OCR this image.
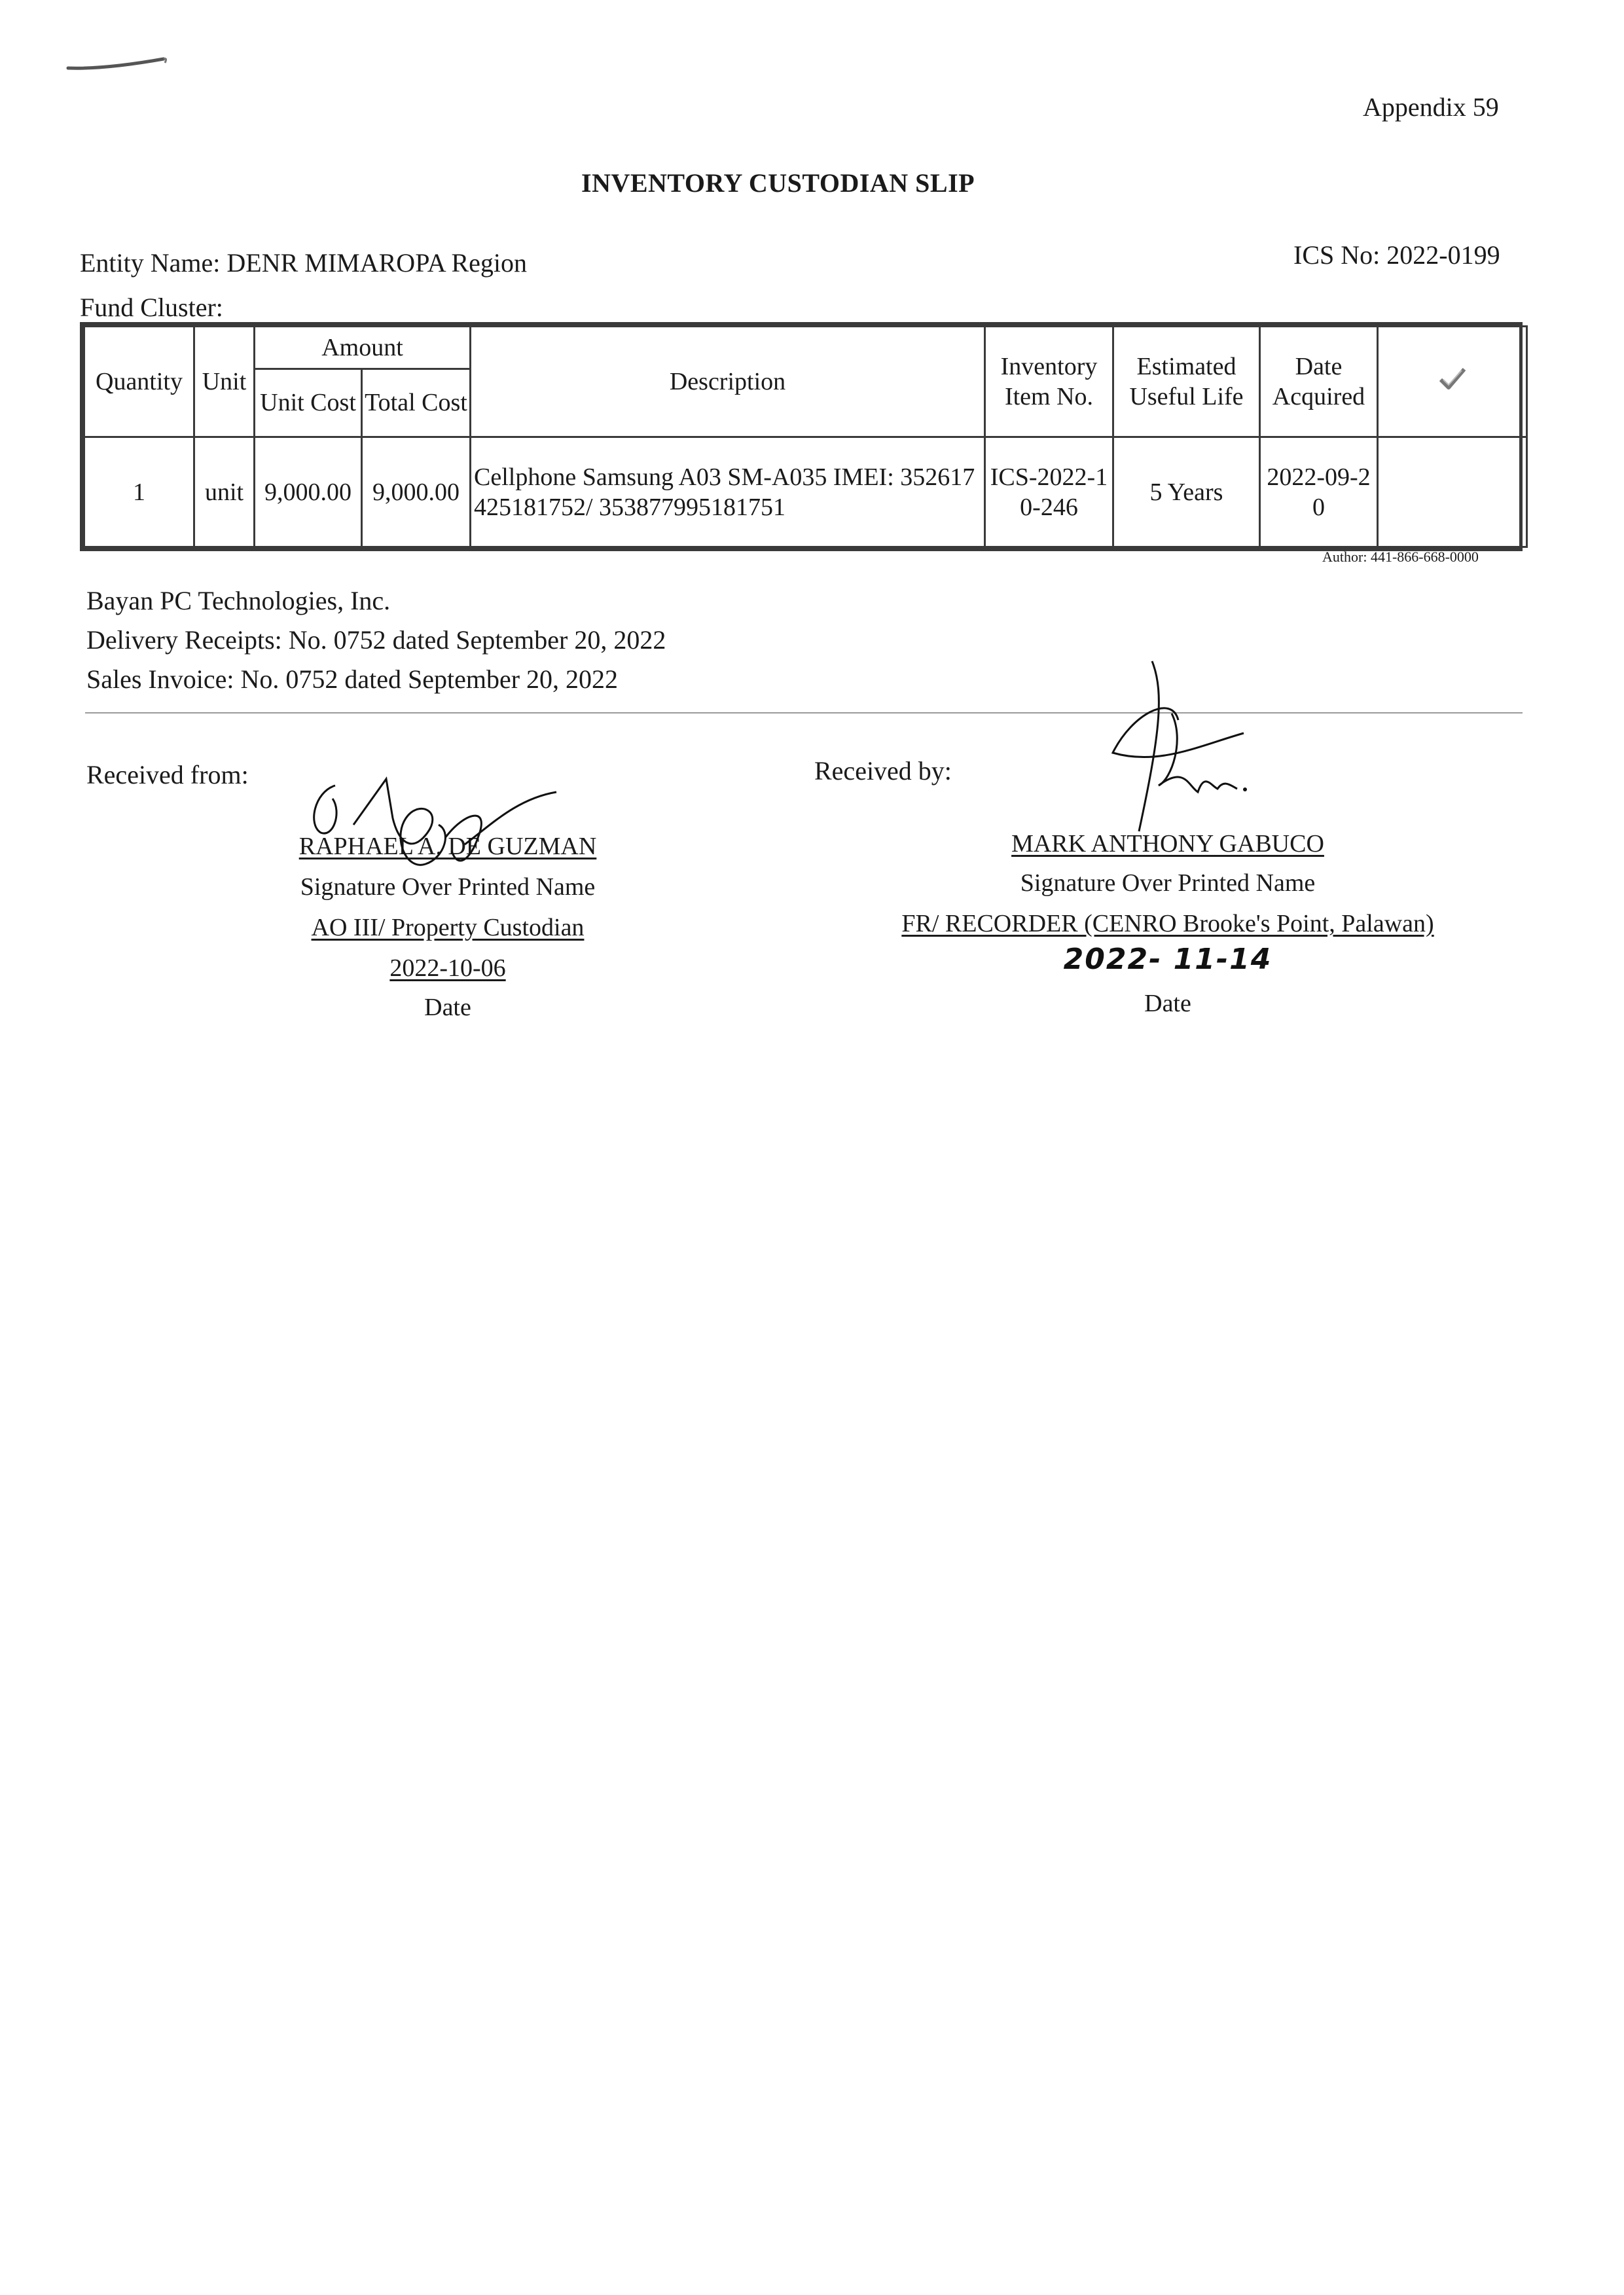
Appendix 59
INVENTORY CUSTODIAN SLIP
Entity Name: DENR MIMAROPA Region	ICS No: 2022-0199
Fund Cluster:
Quantity	Unit	Amount		Description	Inventory Item No.	Estimated Useful Life	Date Acquired	
		Unit Cost	Total Cost					
1	unit	9,000.00	9,000.00	Cellphone Samsung A03 SM-A035 IMEI: 352617425181752/ 353877995181751	ICS-2022-10-246	5 Years	2022-09-20	
Author: 441-866-668-0000
Bayan PC Technologies, Inc.
Delivery Receipts: No. 0752 dated September 20, 2022
Sales Invoice: No. 0752 dated September 20, 2022
Received from:
RAPHAEL A. DE GUZMAN
Signature Over Printed Name
AO III/ Property Custodian
2022-10-06
Date
Received by:
MARK ANTHONY GABUCO
Signature Over Printed Name
FR/ RECORDER (CENRO Brooke's Point, Palawan)
2022- 11-14
Date
